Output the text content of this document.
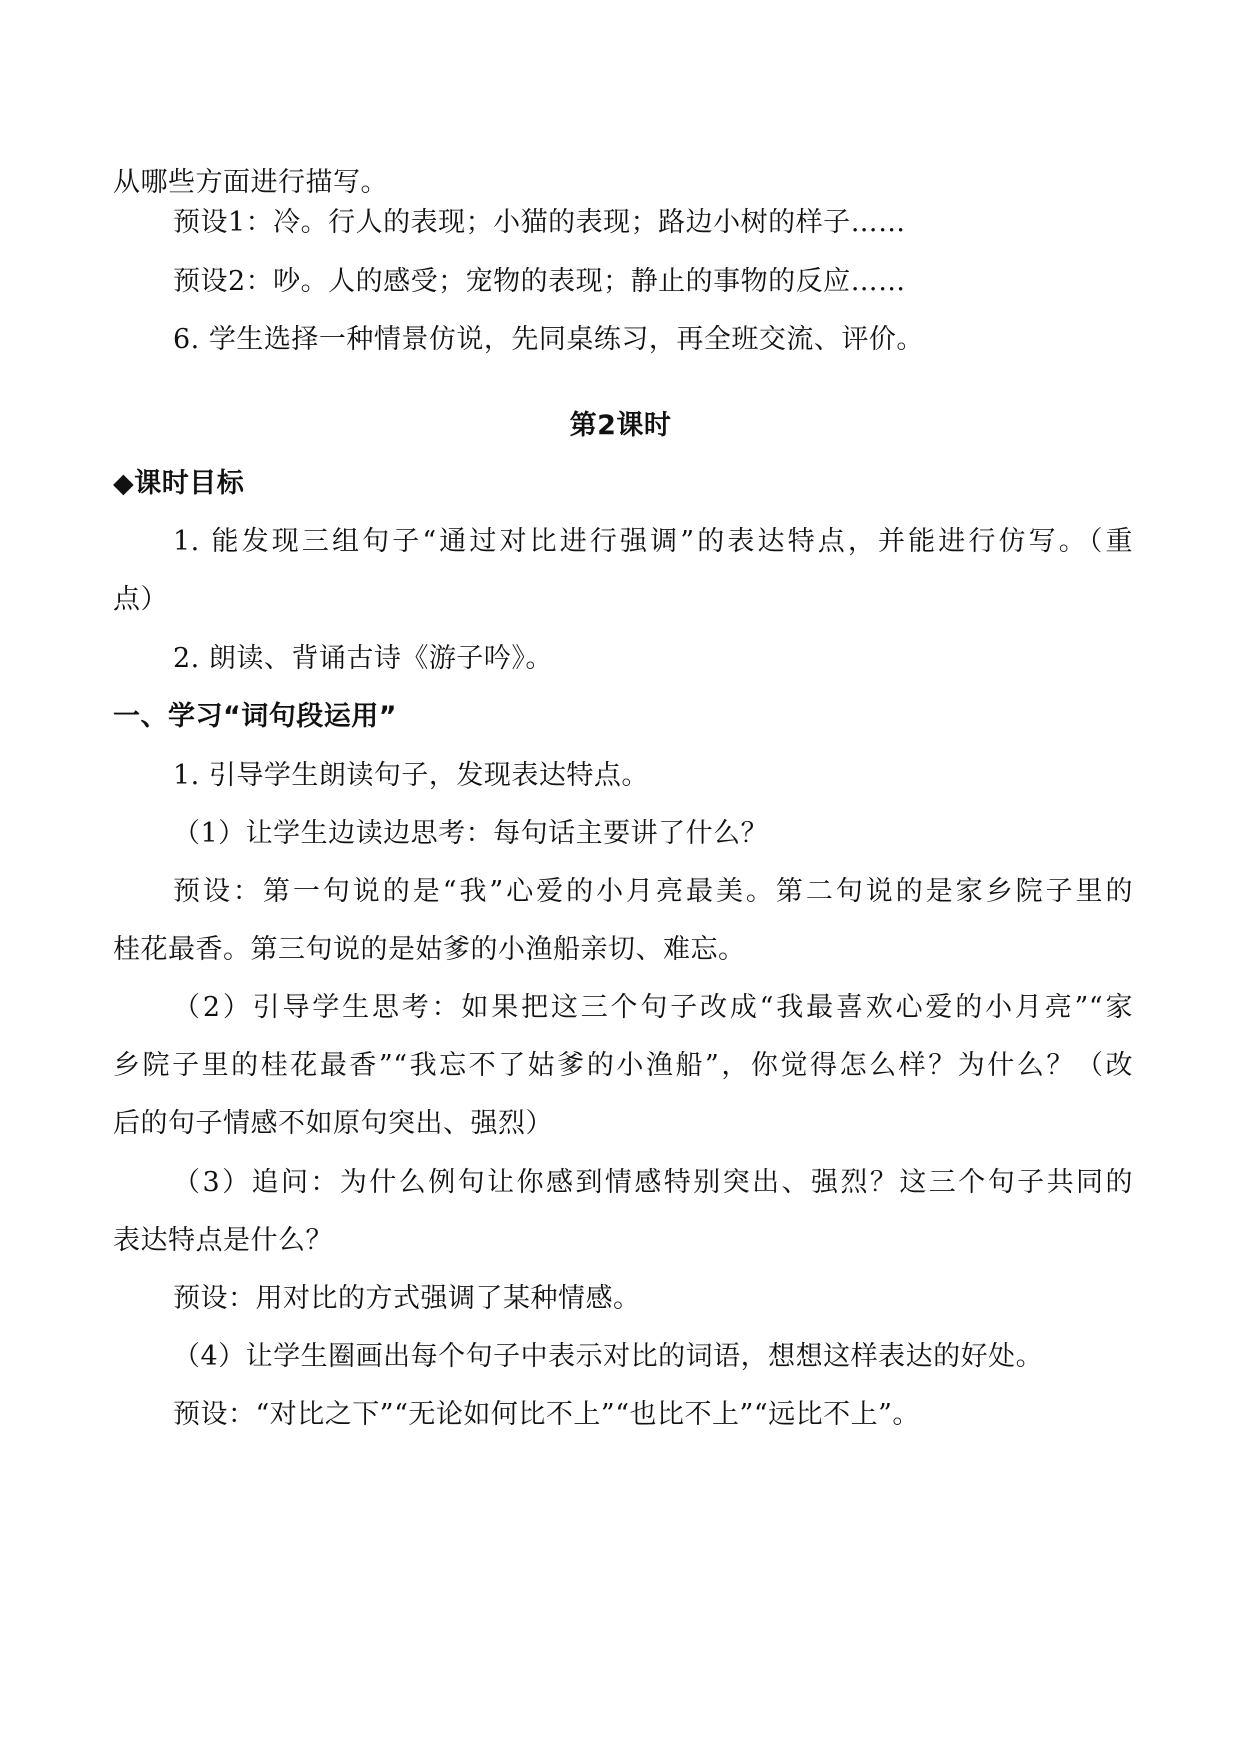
从哪些方面进行描写。
预设1：冷。行人的表现；小猫的表现；路边小树的样子……
预设2：吵。人的感受；宠物的表现；静止的事物的反应……
6. 学生选择一种情景仿说，先同桌练习，再全班交流、评价。
第2课时
◆课时目标
1. 能发现三组句子“通过对比进行强调”的表达特点，并能进行仿写。（重
点）
2. 朗读、背诵古诗《游子吟》。
一、学习“词句段运用”
1. 引导学生朗读句子，发现表达特点。
（1）让学生边读边思考：每句话主要讲了什么？
预设：第一句说的是“我”心爱的小月亮最美。第二句说的是家乡院子里的
桂花最香。第三句说的是姑爹的小渔船亲切、难忘。
（2）引导学生思考：如果把这三个句子改成“我最喜欢心爱的小月亮”“家
乡院子里的桂花最香”“我忘不了姑爹的小渔船”，你觉得怎么样？为什么？（改
后的句子情感不如原句突出、强烈）
（3）追问：为什么例句让你感到情感特别突出、强烈？这三个句子共同的
表达特点是什么？
预设：用对比的方式强调了某种情感。
（4）让学生圈画出每个句子中表示对比的词语，想想这样表达的好处。
预设：“对比之下”“无论如何比不上”“也比不上”“远比不上”。
